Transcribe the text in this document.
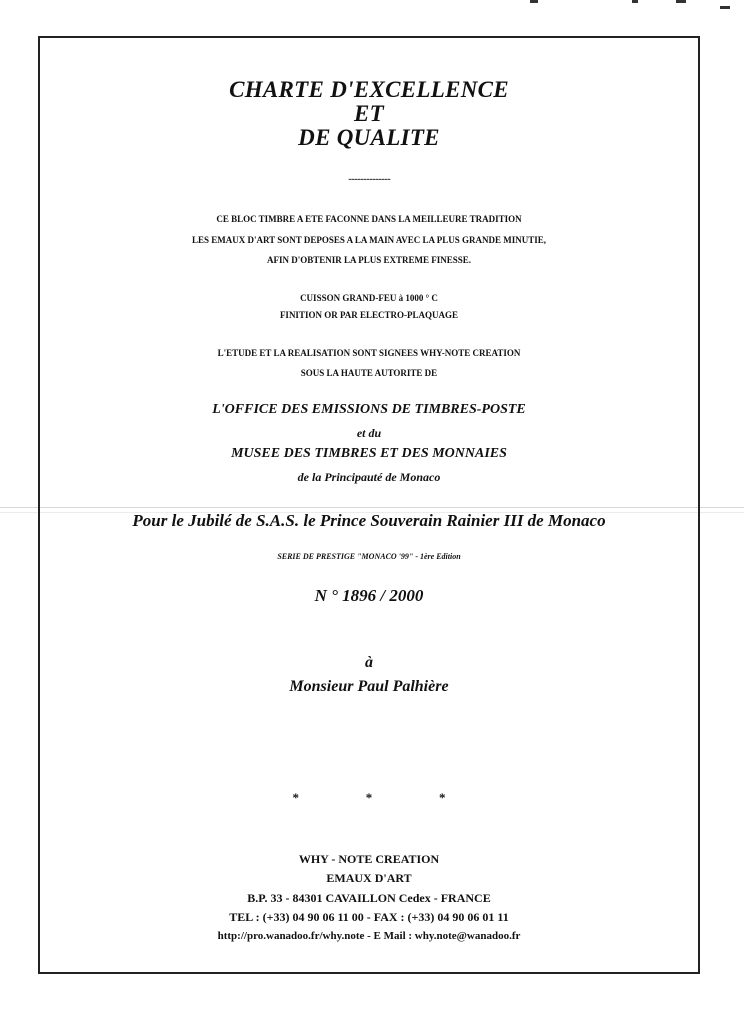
CHARTE D'EXCELLENCE
ET
DE QUALITE
............................
CE BLOC TIMBRE A ETE FACONNE DANS LA MEILLEURE TRADITION
LES EMAUX D'ART SONT DEPOSES A LA MAIN AVEC LA PLUS GRANDE MINUTIE,
AFIN D'OBTENIR LA PLUS EXTREME FINESSE.
CUISSON GRAND-FEU à 1000 ° C
FINITION OR PAR ELECTRO-PLAQUAGE
L'ETUDE ET LA REALISATION SONT SIGNEES WHY-NOTE CREATION
SOUS LA HAUTE AUTORITE DE
L'OFFICE DES EMISSIONS DE TIMBRES-POSTE
et du
MUSEE DES TIMBRES ET DES MONNAIES
de la Principauté de Monaco
Pour le Jubilé de S.A.S. le Prince Souverain Rainier III de Monaco
SERIE DE PRESTIGE "MONACO '99" - 1ère Edition
N ° 1896 / 2000
à
Monsieur Paul Palhière
*	*	*
WHY - NOTE CREATION
EMAUX D'ART
B.P. 33 - 84301 CAVAILLON Cedex - FRANCE
TEL : (+33) 04 90 06 11 00 - FAX : (+33) 04 90 06 01 11
http://pro.wanadoo.fr/why.note - E Mail : why.note@wanadoo.fr
